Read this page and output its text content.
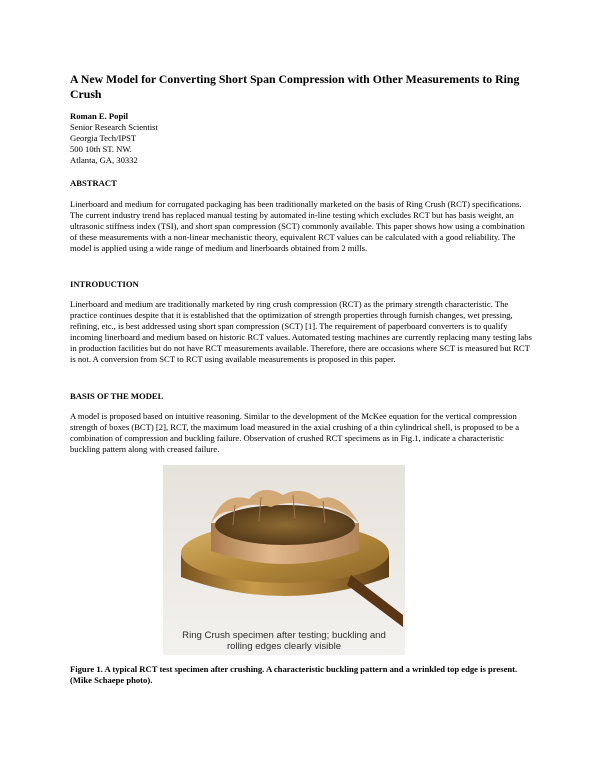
A New Model for Converting Short Span Compression with Other Measurements to Ring Crush
Roman E. Popil
Senior Research Scientist
Georgia Tech/IPST
500 10th ST. NW.
Atlanta, GA, 30332
ABSTRACT
Linerboard and medium for corrugated packaging has been traditionally marketed on the basis of Ring Crush (RCT) specifications. The current industry trend has replaced manual testing by automated in-line testing which excludes RCT but has basis weight, an ultrasonic stiffness index (TSI), and short span compression (SCT) commonly available. This paper shows how using a combination of these measurements with a non-linear mechanistic theory, equivalent RCT values can be calculated with a good reliability. The model is applied using a wide range of medium and linerboards obtained from 2 mills.
INTRODUCTION
Linerboard and medium are traditionally marketed by ring crush compression (RCT) as the primary strength characteristic. The practice continues despite that it is established that the optimization of strength properties through furnish changes, wet pressing, refining, etc., is best addressed using short span compression (SCT) [1]. The requirement of paperboard converters is to qualify incoming linerboard and medium based on historic RCT values. Automated testing machines are currently replacing many testing labs in production facilities but do not have RCT measurements available. Therefore, there are occasions where SCT is measured but RCT is not. A conversion from SCT to RCT using available measurements is proposed in this paper.
BASIS OF THE MODEL
A model is proposed based on intuitive reasoning. Similar to the development of the McKee equation for the vertical compression strength of boxes (BCT) [2], RCT, the maximum load measured in the axial crushing of a thin cylindrical shell, is proposed to be a combination of compression and buckling failure. Observation of crushed RCT specimens as in Fig.1, indicate a characteristic buckling pattern along with creased failure.
Ring Crush specimen after testing; buckling and
rolling edges clearly visible
Figure 1. A typical RCT test specimen after crushing. A characteristic buckling pattern and a wrinkled top edge is present. (Mike Schaepe photo).
